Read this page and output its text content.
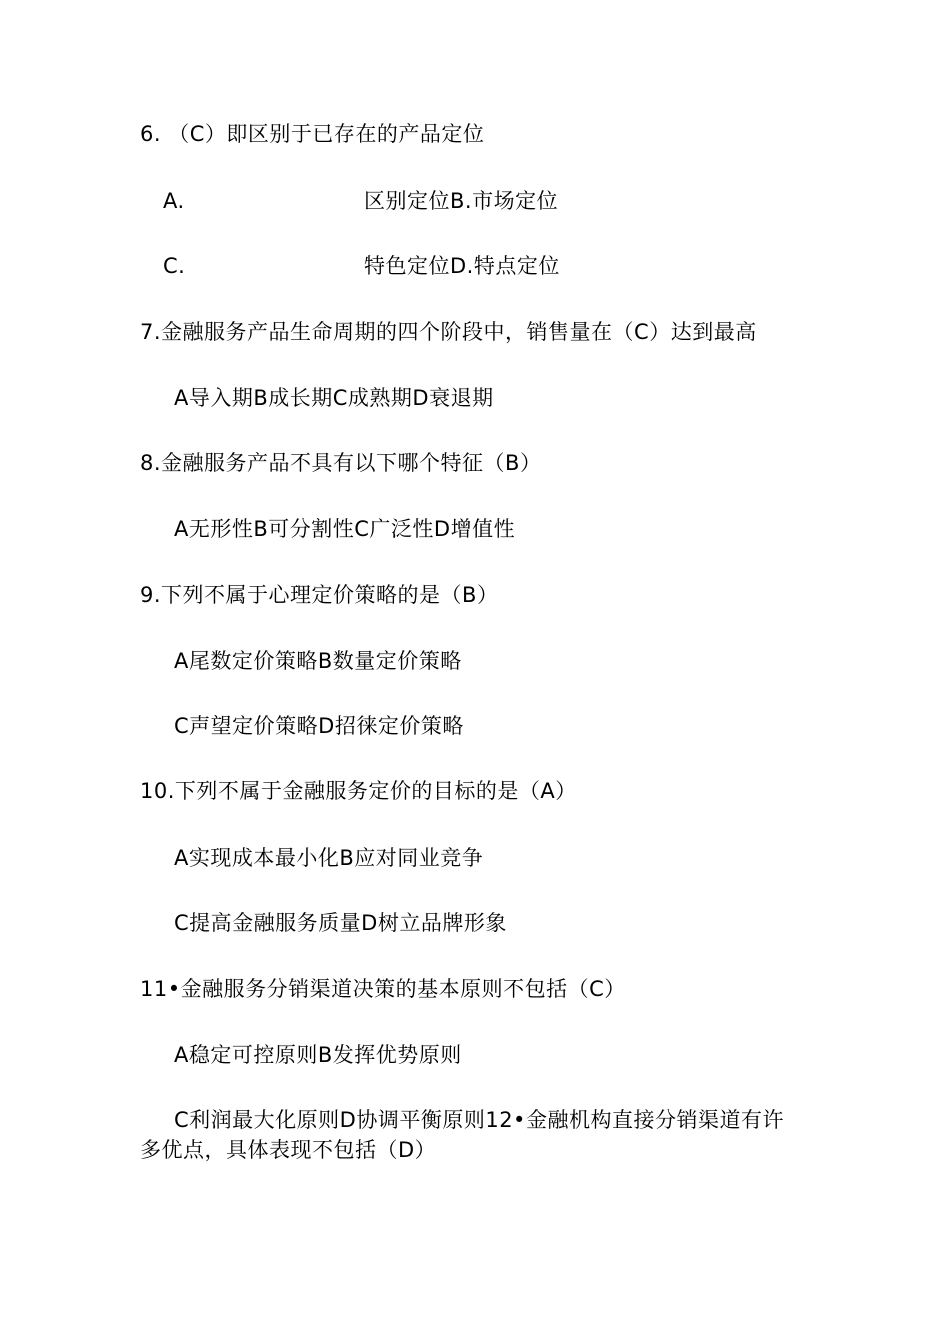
6. （C）即区别于已存在的产品定位
A.	区别定位B.市场定位
C.	特色定位D.特点定位
7.金融服务产品生命周期的四个阶段中，销售量在（C）达到最高
A导入期B成长期C成熟期D衰退期
8.金融服务产品不具有以下哪个特征（B）
A无形性B可分割性C广泛性D增值性
9.下列不属于心理定价策略的是（B）
A尾数定价策略B数量定价策略
C声望定价策略D招徕定价策略
10.下列不属于金融服务定价的目标的是（A）
A实现成本最小化B应对同业竞争
C提高金融服务质量D树立品牌形象
11•金融服务分销渠道决策的基本原则不包括（C）
A稳定可控原则B发挥优势原则
C利润最大化原则D协调平衡原则12•金融机构直接分销渠道有许多优点，具体表现不包括（D）
